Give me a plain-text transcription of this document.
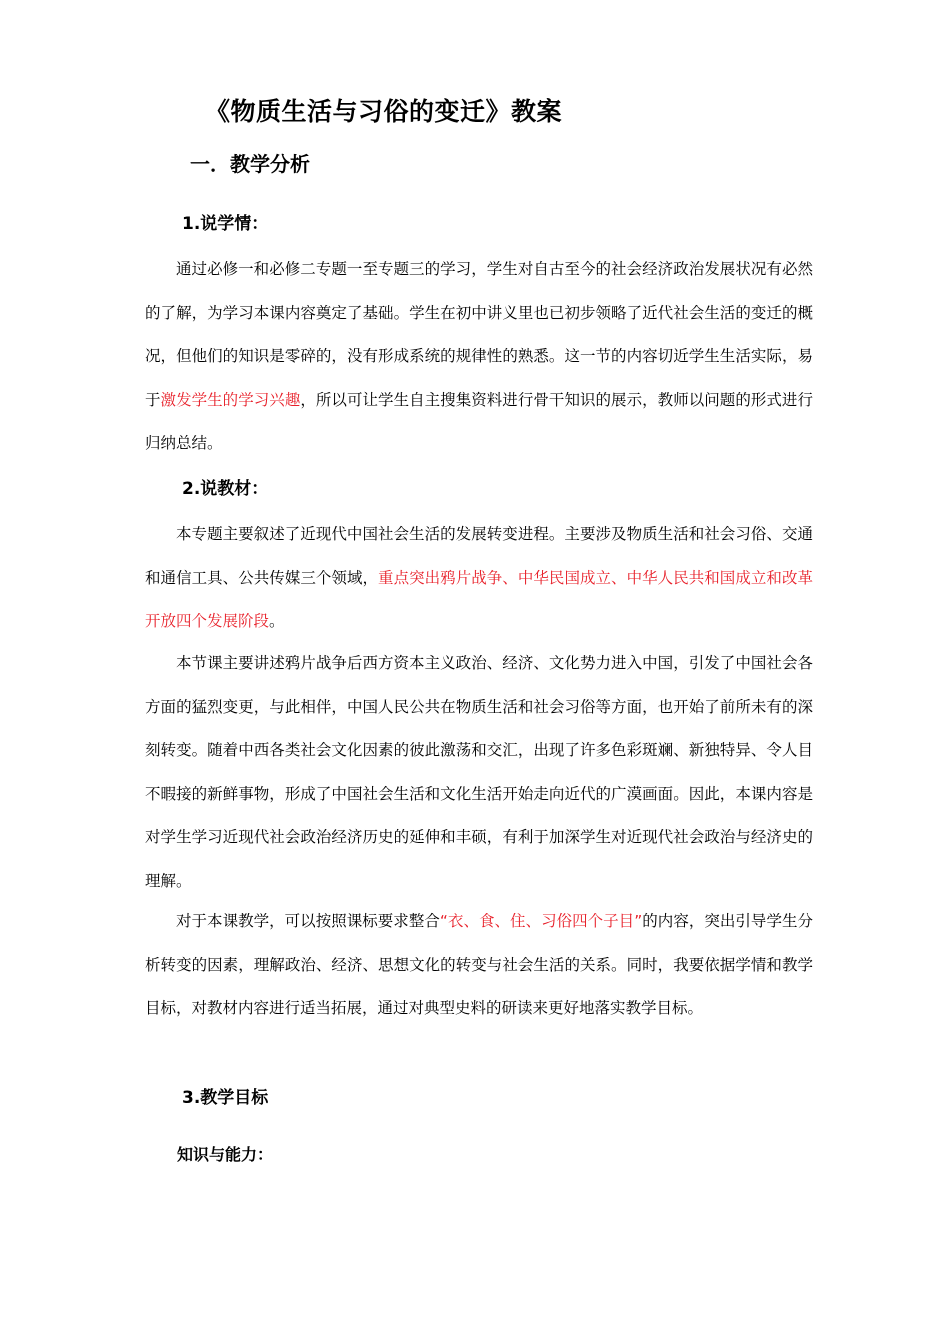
《物质生活与习俗的变迁》教案
一．教学分析
1.说学情：
通过必修一和必修二专题一至专题三的学习，学生对自古至今的社会经济政治发展状况有必然的了解，为学习本课内容奠定了基础。学生在初中讲义里也已初步领略了近代社会生活的变迁的概况，但他们的知识是零碎的，没有形成系统的规律性的熟悉。这一节的内容切近学生生活实际，易于激发学生的学习兴趣，所以可让学生自主搜集资料进行骨干知识的展示，教师以问题的形式进行归纳总结。
2.说教材：
本专题主要叙述了近现代中国社会生活的发展转变进程。主要涉及物质生活和社会习俗、交通和通信工具、公共传媒三个领域，重点突出鸦片战争、中华民国成立、中华人民共和国成立和改革开放四个发展阶段。
本节课主要讲述鸦片战争后西方资本主义政治、经济、文化势力进入中国，引发了中国社会各方面的猛烈变更，与此相伴，中国人民公共在物质生活和社会习俗等方面，也开始了前所未有的深刻转变。随着中西各类社会文化因素的彼此激荡和交汇，出现了许多色彩斑斓、新独特异、令人目不暇接的新鲜事物，形成了中国社会生活和文化生活开始走向近代的广漠画面。因此，本课内容是对学生学习近现代社会政治经济历史的延伸和丰硕，有利于加深学生对近现代社会政治与经济史的理解。
对于本课教学，可以按照课标要求整合“衣、食、住、习俗四个子目”的内容，突出引导学生分析转变的因素，理解政治、经济、思想文化的转变与社会生活的关系。同时，我要依据学情和教学目标，对教材内容进行适当拓展，通过对典型史料的研读来更好地落实教学目标。
3.教学目标
知识与能力：
